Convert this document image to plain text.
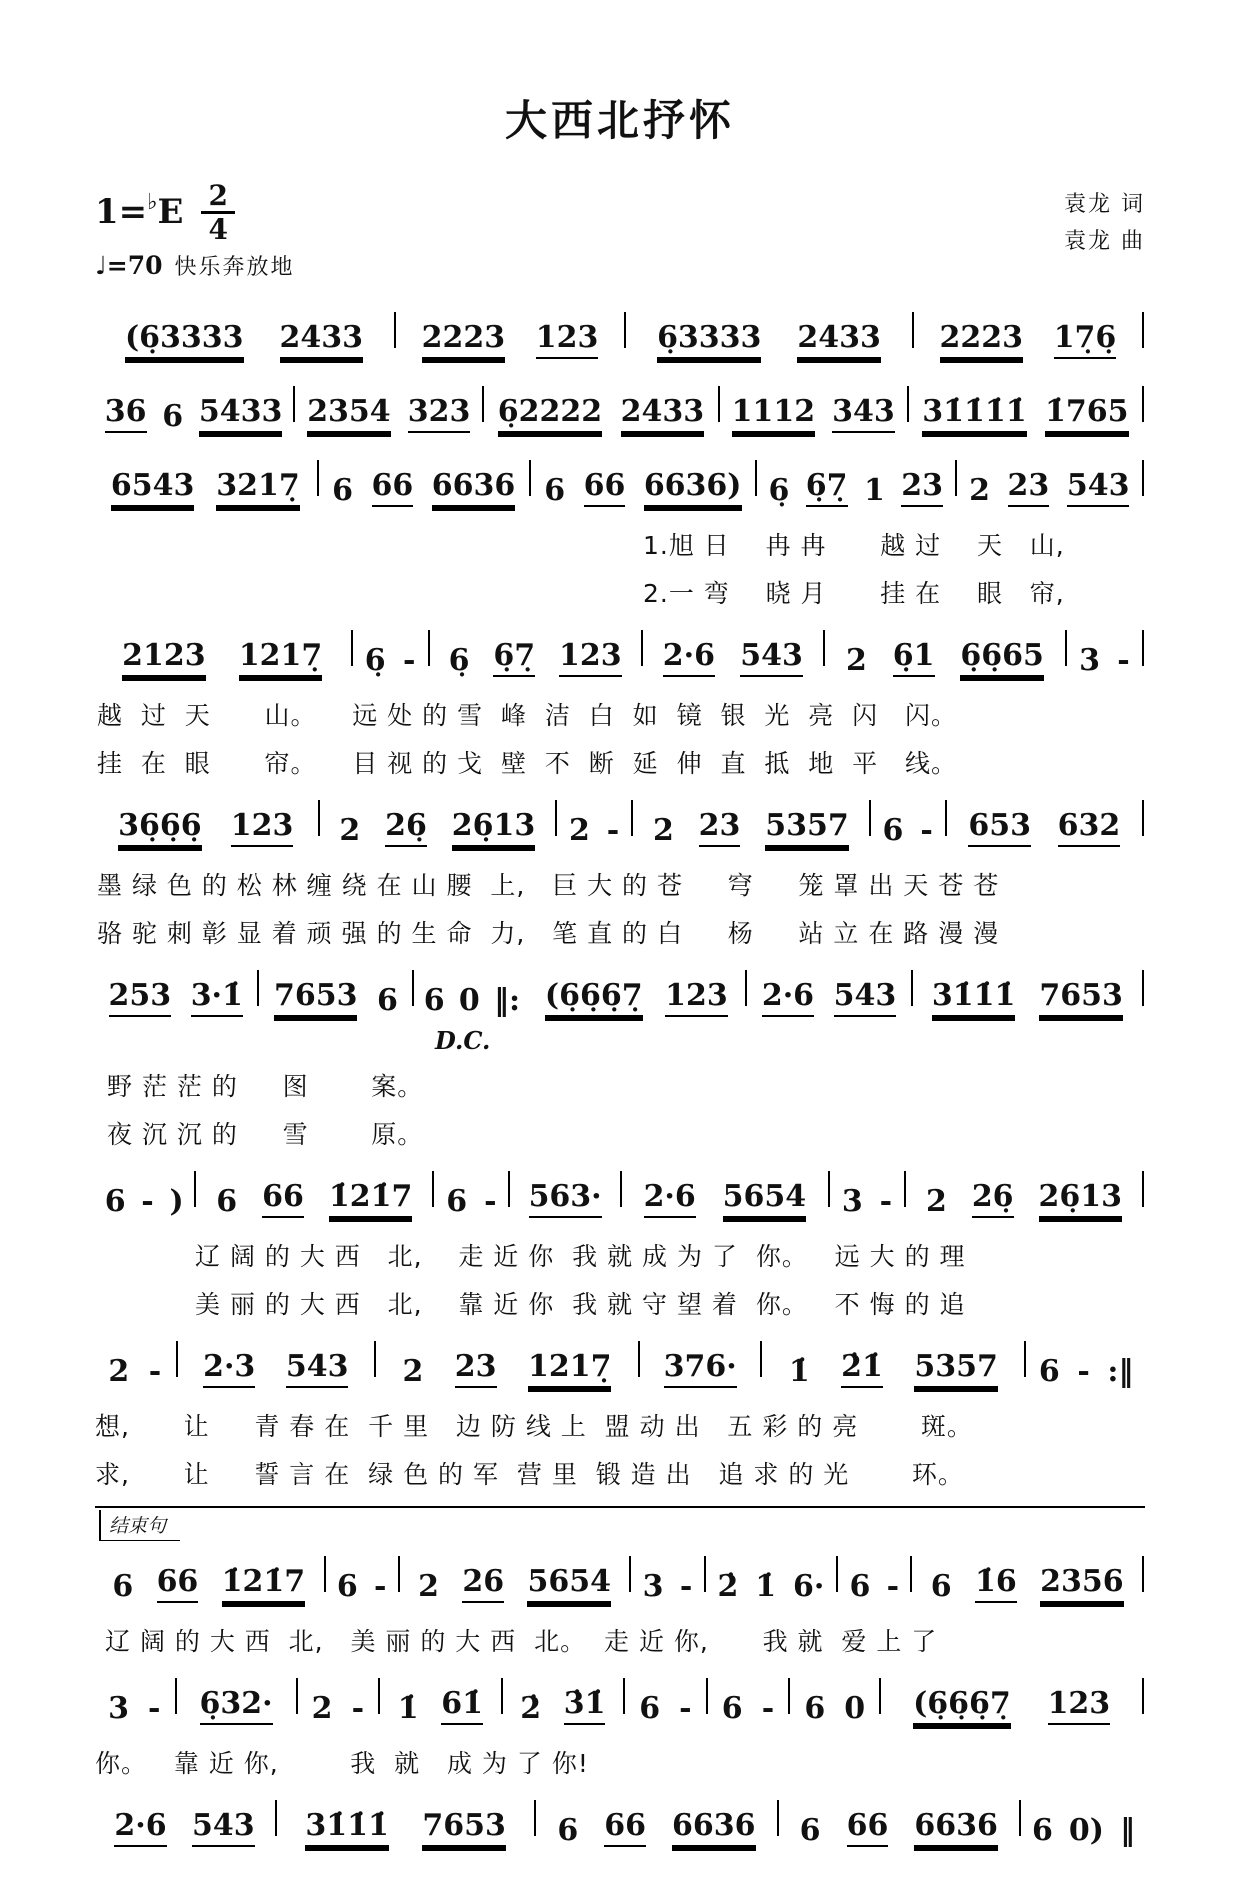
大西北抒怀
1=♭ E $\frac{2}{4}$
♩ =70 快乐奔放地
袁龙 词
袁龙 曲
(6̣3333 2433 2223 123 6̣3333 2433 2223 17̣6̣
36 6 5433 2354 323 6̣2222 2433 1112 343 31̇1̇1̇1̇ 1̇765
6543 3217̣ 6 66 6636 6 66 6636) 6̣ 6̣7̣ 1 23 2 23 543
1.旭 日    冉 冉      越 过    天   山,
2.一 弯    晓 月      挂 在    眼   帘,
2123 1217̣ 6̣ - 6̣ 6̣7̣ 123 2·6 543 2 6̣1 6̣6̣65 3 -
越  过  天      山。    远 处 的 雪  峰  洁  白  如  镜  银  光  亮  闪   闪。
挂  在  眼      帘。    目 视 的 戈  壁  不  断  延  伸  直  抵  地  平   线。
36̣6̣6̣ 123 2 26̣ 26̣13 2 - 2 23 5357 6 - 653 632
墨 绿 色 的 松 林 缠 绕 在 山 腰  上,   巨 大 的 苍     穹     笼 罩 出 天 苍 苍
骆 驼 刺 彰 显 着 顽 强 的 生 命  力,   笔 直 的 白     杨     站 立 在 路 漫 漫
253 3·1̇ 7653 6 6 0 ‖: (6̣6̣6̣7̣ 123 2·6 543 31̇1̇1̇ 7653
D.C.
野 茫 茫 的     图       案。
夜 沉 沉 的     雪       原。
6 - ) 6 66 1̇21̇7 6 - 563· 2·6 5654 3 - 2 26̣ 26̣13
辽 阔 的 大 西   北,    走 近 你  我 就 成 为 了  你。   远 大 的 理
美 丽 的 大 西   北,    靠 近 你  我 就 守 望 着  你。   不 悔 的 追
2 - 2·3 543 2 23 1217̣ 376· 1̇ 2̇1̇ 5357 6 - :‖
想,      让     青 春 在  千 里   边 防 线 上  盟 动 出   五 彩 的 亮       斑。
求,      让     誓 言 在  绿 色 的 军  营 里  锻 造 出   追 求 的 光       环。
结束句
6 66 1̇21̇7 6 - 2 26 5654 3 - 2̇ 1̇ 6· 6 - 6 1̇6 2356
辽 阔 的 大 西  北,   美 丽 的 大 西  北。  走 近 你,      我 就  爱 上 了
3 - 6̣32· 2 - 1̇ 61̇ 2̇ 3̇1̇ 6 - 6 - 6 0 (6̣6̣6̣7̣ 123
你。   靠 近 你,        我  就   成 为 了 你!
2·6 543 31̇1̇1̇ 7653 6 66 6636 6 66 6636 6 0) ‖
